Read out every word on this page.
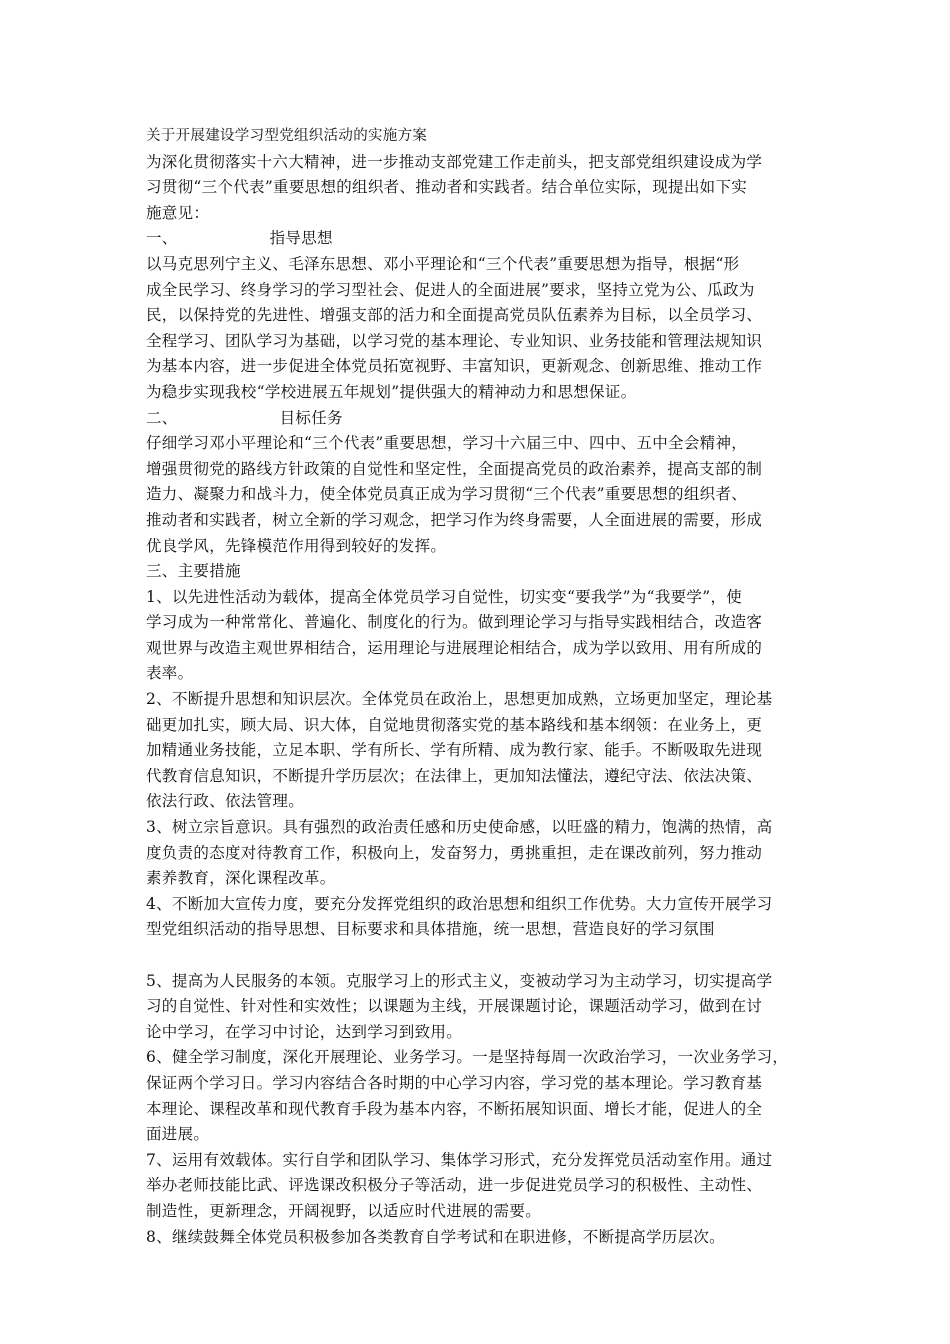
关于开展建设学习型党组织活动的实施方案
为深化贯彻落实十六大精神，进一步推动支部党建工作走前头，把支部党组织建设成为学
习贯彻“三个代表”重要思想的组织者、推动者和实践者。结合单位实际，现提出如下实
施意见：
一、	指导思想
以马克思列宁主义、毛泽东思想、邓小平理论和“三个代表”重要思想为指导，根据“形
成全民学习、终身学习的学习型社会、促进人的全面进展”要求，坚持立党为公、瓜政为
民，以保持党的先进性、增强支部的活力和全面提高党员队伍素养为目标，以全员学习、
全程学习、团队学习为基础，以学习党的基本理论、专业知识、业务技能和管理法规知识
为基本内容，进一步促进全体党员拓宽视野、丰富知识，更新观念、创新思维、推动工作
为稳步实现我校“学校进展五年规划”提供强大的精神动力和思想保证。
二、	目标任务
仔细学习邓小平理论和“三个代表”重要思想，学习十六届三中、四中、五中全会精神，
增强贯彻党的路线方针政策的自觉性和坚定性，全面提高党员的政治素养，提高支部的制
造力、凝聚力和战斗力，使全体党员真正成为学习贯彻“三个代表”重要思想的组织者、
推动者和实践者，树立全新的学习观念，把学习作为终身需要，人全面进展的需要，形成
优良学风，先锋模范作用得到较好的发挥。
三、主要措施
1、以先进性活动为载体，提高全体党员学习自觉性，切实变“要我学”为“我要学”，使
学习成为一种常常化、普遍化、制度化的行为。做到理论学习与指导实践相结合，改造客
观世界与改造主观世界相结合，运用理论与进展理论相结合，成为学以致用、用有所成的
表率。
2、不断提升思想和知识层次。全体党员在政治上，思想更加成熟，立场更加坚定，理论基
础更加扎实，顾大局、识大体，自觉地贯彻落实党的基本路线和基本纲领：在业务上，更
加精通业务技能，立足本职、学有所长、学有所精、成为教行家、能手。不断吸取先进现
代教育信息知识，不断提升学历层次；在法律上，更加知法懂法，遵纪守法、依法决策、
依法行政、依法管理。
3、树立宗旨意识。具有强烈的政治责任感和历史使命感，以旺盛的精力，饱满的热情，高
度负责的态度对待教育工作，积极向上，发奋努力，勇挑重担，走在课改前列，努力推动
素养教育，深化课程改革。
4、不断加大宣传力度，要充分发挥党组织的政治思想和组织工作优势。大力宣传开展学习
型党组织活动的指导思想、目标要求和具体措施，统一思想，营造良好的学习氛围

5、提高为人民服务的本领。克服学习上的形式主义，变被动学习为主动学习，切实提高学
习的自觉性、针对性和实效性；以课题为主线，开展课题讨论，课题活动学习，做到在讨
论中学习，在学习中讨论，达到学习到致用。
6、健全学习制度，深化开展理论、业务学习。一是坚持每周一次政治学习，一次业务学习，
保证两个学习日。学习内容结合各时期的中心学习内容，学习党的基本理论。学习教育基
本理论、课程改革和现代教育手段为基本内容，不断拓展知识面、增长才能，促进人的全
面进展。
7、运用有效载体。实行自学和团队学习、集体学习形式，充分发挥党员活动室作用。通过
举办老师技能比武、评选课改积极分子等活动，进一步促进党员学习的积极性、主动性、
制造性，更新理念，开阔视野，以适应时代进展的需要。
8、继续鼓舞全体党员积极参加各类教育自学考试和在职进修，不断提高学历层次。
